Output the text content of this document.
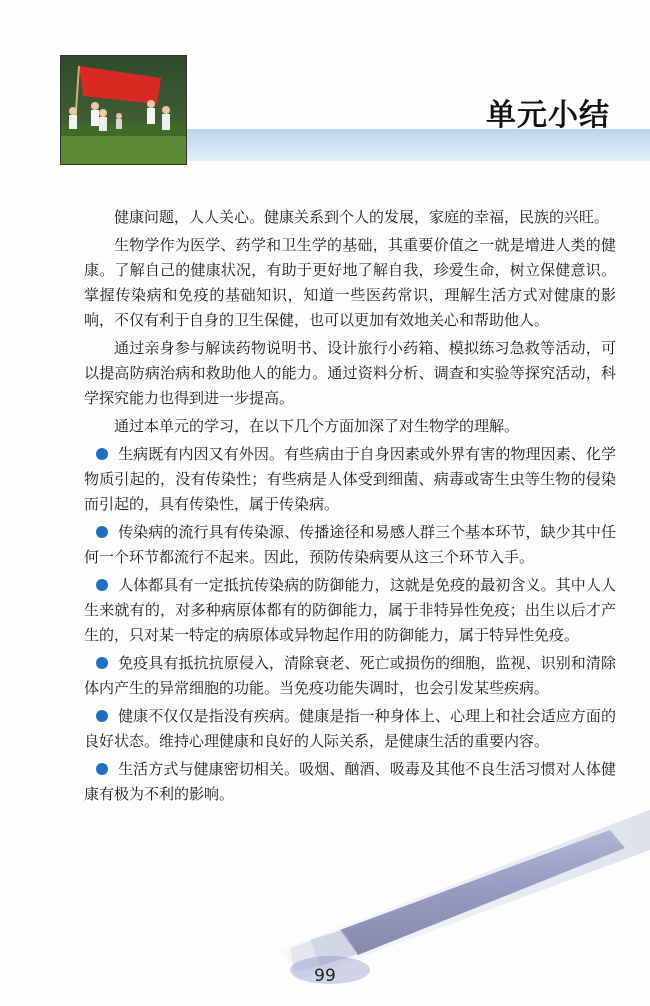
单元小结

健康问题，人人关心。健康关系到个人的发展，家庭的幸福，民族的兴旺。

生物学作为医学、药学和卫生学的基础，其重要价值之一就是增进人类的健康。了解自己的健康状况，有助于更好地了解自我，珍爱生命，树立保健意识。掌握传染病和免疫的基础知识，知道一些医药常识，理解生活方式对健康的影响，不仅有利于自身的卫生保健，也可以更加有效地关心和帮助他人。

通过亲身参与解读药物说明书、设计旅行小药箱、模拟练习急救等活动，可以提高防病治病和救助他人的能力。通过资料分析、调查和实验等探究活动，科学探究能力也得到进一步提高。

通过本单元的学习，在以下几个方面加深了对生物学的理解。

生病既有内因又有外因。有些病由于自身因素或外界有害的物理因素、化学物质引起的，没有传染性；有些病是人体受到细菌、病毒或寄生虫等生物的侵染而引起的，具有传染性，属于传染病。
传染病的流行具有传染源、传播途径和易感人群三个基本环节，缺少其中任何一个环节都流行不起来。因此，预防传染病要从这三个环节入手。
人体都具有一定抵抗传染病的防御能力，这就是免疫的最初含义。其中人人生来就有的，对多种病原体都有的防御能力，属于非特异性免疫；出生以后才产生的，只对某一特定的病原体或异物起作用的防御能力，属于特异性免疫。
免疫具有抵抗抗原侵入，清除衰老、死亡或损伤的细胞，监视、识别和清除体内产生的异常细胞的功能。当免疫功能失调时，也会引发某些疾病。
健康不仅仅是指没有疾病。健康是指一种身体上、心理上和社会适应方面的良好状态。维持心理健康和良好的人际关系，是健康生活的重要内容。
生活方式与健康密切相关。吸烟、酗酒、吸毒及其他不良生活习惯对人体健康有极为不利的影响。
99
